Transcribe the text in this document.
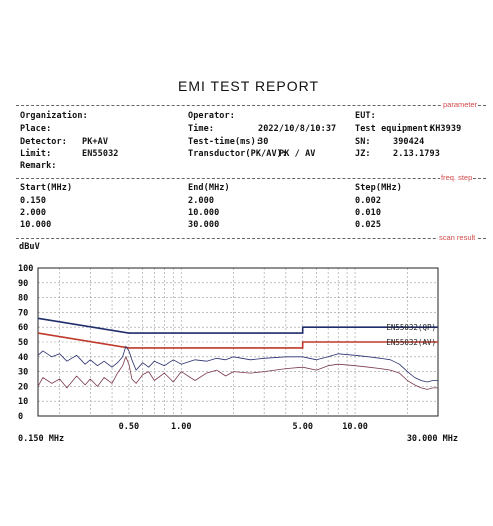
EMI TEST REPORT
parameter
Organization:
Place:
Detector: PK+AV
Limit:	EN55032
Remark:
Operator:
Time:	2022/10/8/10:37
Test-time(ms):
30
Transductor(PK/AV):
PK / AV
EUT:
Test equipment:
KH3939
SN:	390424
JZ:	2.13.1793
freq. step
Start(MHz)	End(MHz)	Step(MHz)
0.150	2.000	0.002
2.000	10.000	0.010
10.000	30.000	0.025
scan result
dBuV
EN55032(QP)
EN55032(AV)
0
10
20
30
40
50
60
70
80
90
100
0.150 MHz
0.50	1.00	5.00	10.00
30.000 MHz
